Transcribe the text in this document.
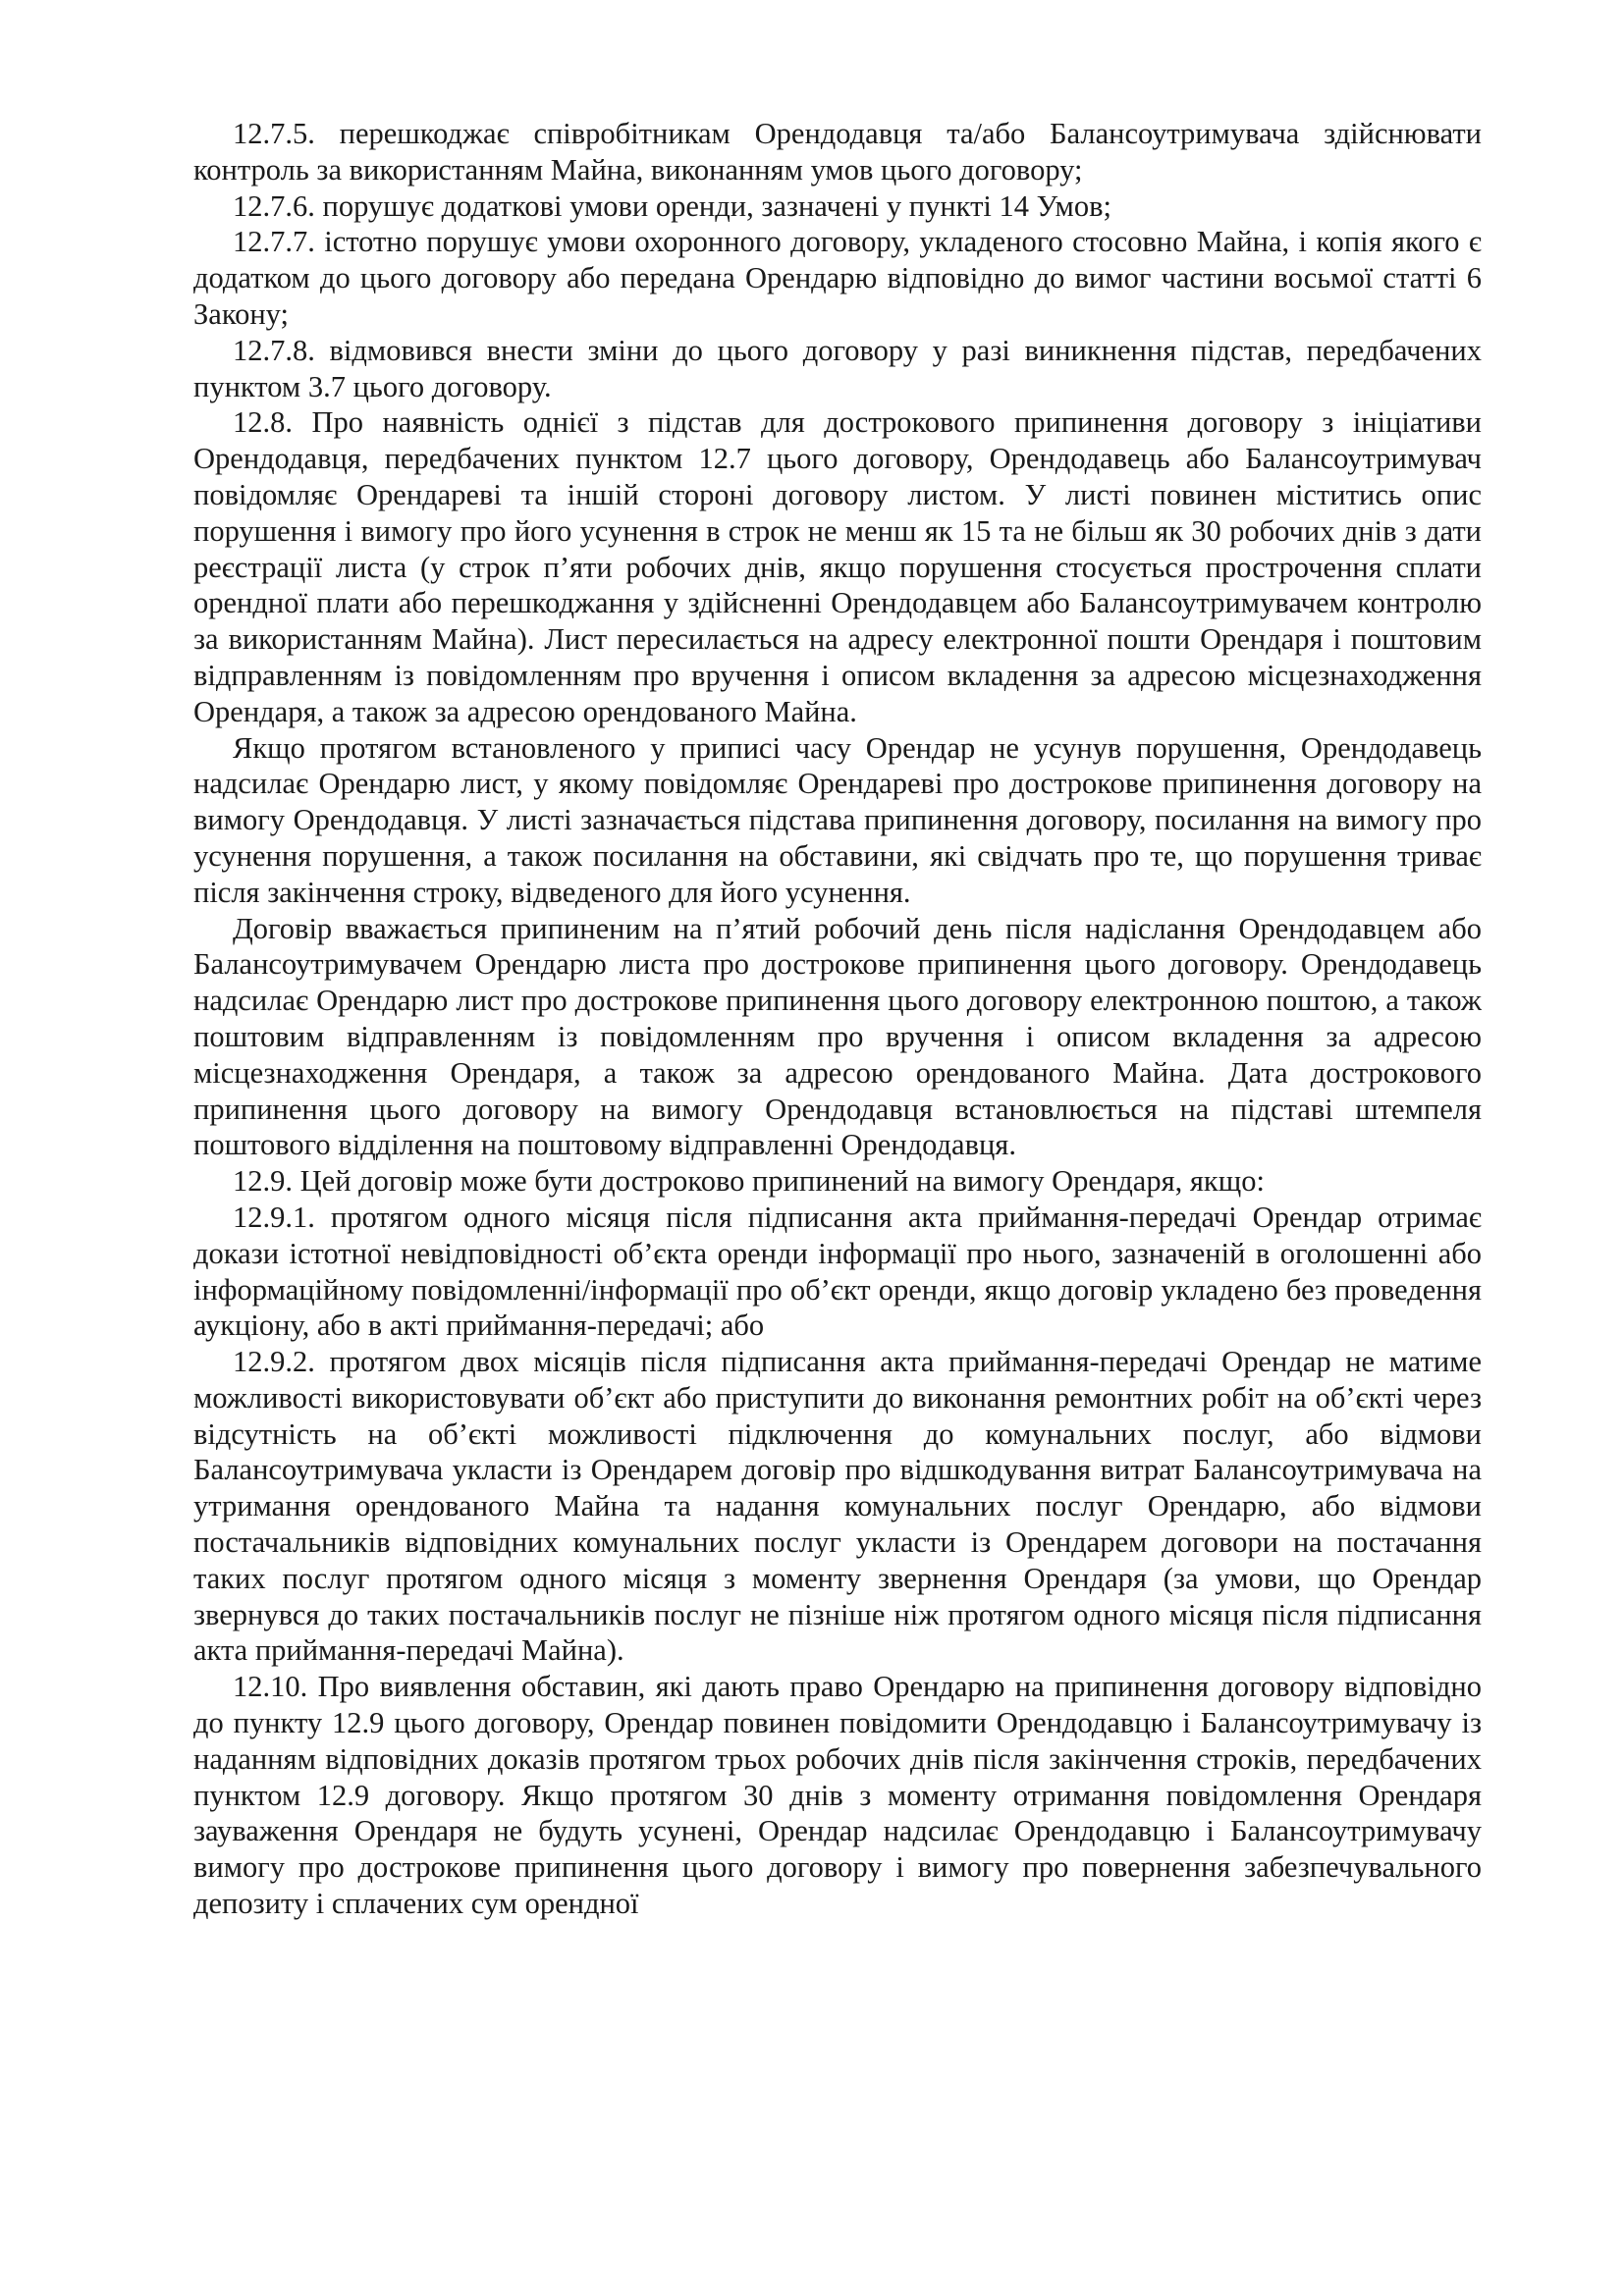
12.7.5. перешкоджає співробітникам Орендодавця та/або Балансоутримувача здійснювати контроль за використанням Майна, виконанням умов цього договору;

12.7.6. порушує додаткові умови оренди, зазначені у пункті 14 Умов;

12.7.7. істотно порушує умови охоронного договору, укладеного стосовно Майна, і копія якого є додатком до цього договору або передана Орендарю відповідно до вимог частини восьмої статті 6 Закону;

12.7.8. відмовився внести зміни до цього договору у разі виникнення підстав, передбачених пунктом 3.7 цього договору.

12.8. Про наявність однієї з підстав для дострокового припинення договору з ініціативи Орендодавця, передбачених пунктом 12.7 цього договору, Орендодавець або Балансоутримувач повідомляє Орендареві та іншій стороні договору листом. У листі повинен міститись опис порушення і вимогу про його усунення в строк не менш як 15 та не більш як 30 робочих днів з дати реєстрації листа (у строк п’яти робочих днів, якщо порушення стосується прострочення сплати орендної плати або перешкоджання у здійсненні Орендодавцем або Балансоутримувачем контролю за використанням Майна). Лист пересилається на адресу електронної пошти Орендаря і поштовим відправленням із повідомленням про вручення і описом вкладення за адресою місцезнаходження Орендаря, а також за адресою орендованого Майна.

Якщо протягом встановленого у приписі часу Орендар не усунув порушення, Орендодавець надсилає Орендарю лист, у якому повідомляє Орендареві про дострокове припинення договору на вимогу Орендодавця. У листі зазначається підстава припинення договору, посилання на вимогу про усунення порушення, а також посилання на обставини, які свідчать про те, що порушення триває після закінчення строку, відведеного для його усунення.

Договір вважається припиненим на п’ятий робочий день після надіслання Орендодавцем або Балансоутримувачем Орендарю листа про дострокове припинення цього договору. Орендодавець надсилає Орендарю лист про дострокове припинення цього договору електронною поштою, а також поштовим відправленням із повідомленням про вручення і описом вкладення за адресою місцезнаходження Орендаря, а також за адресою орендованого Майна. Дата дострокового припинення цього договору на вимогу Орендодавця встановлюється на підставі штемпеля поштового відділення на поштовому відправленні Орендодавця.

12.9. Цей договір може бути достроково припинений на вимогу Орендаря, якщо:

12.9.1. протягом одного місяця після підписання акта приймання-передачі Орендар отримає докази істотної невідповідності об’єкта оренди інформації про нього, зазначеній в оголошенні або інформаційному повідомленні/інформації про об’єкт оренди, якщо договір укладено без проведення аукціону, або в акті приймання-передачі; або

12.9.2. протягом двох місяців після підписання акта приймання-передачі Орендар не матиме можливості використовувати об’єкт або приступити до виконання ремонтних робіт на об’єкті через відсутність на об’єкті можливості підключення до комунальних послуг, або відмови Балансоутримувача укласти із Орендарем договір про відшкодування витрат Балансоутримувача на утримання орендованого Майна та надання комунальних послуг Орендарю, або відмови постачальників відповідних комунальних послуг укласти із Орендарем договори на постачання таких послуг протягом одного місяця з моменту звернення Орендаря (за умови, що Орендар звернувся до таких постачальників послуг не пізніше ніж протягом одного місяця після підписання акта приймання-передачі Майна).

12.10. Про виявлення обставин, які дають право Орендарю на припинення договору відповідно до пункту 12.9 цього договору, Орендар повинен повідомити Орендодавцю і Балансоутримувачу із наданням відповідних доказів протягом трьох робочих днів після закінчення строків, передбачених пунктом 12.9 договору. Якщо протягом 30 днів з моменту отримання повідомлення Орендаря зауваження Орендаря не будуть усунені, Орендар надсилає Орендодавцю і Балансоутримувачу вимогу про дострокове припинення цього договору і вимогу про повернення забезпечувального депозиту і сплачених сум орендної
